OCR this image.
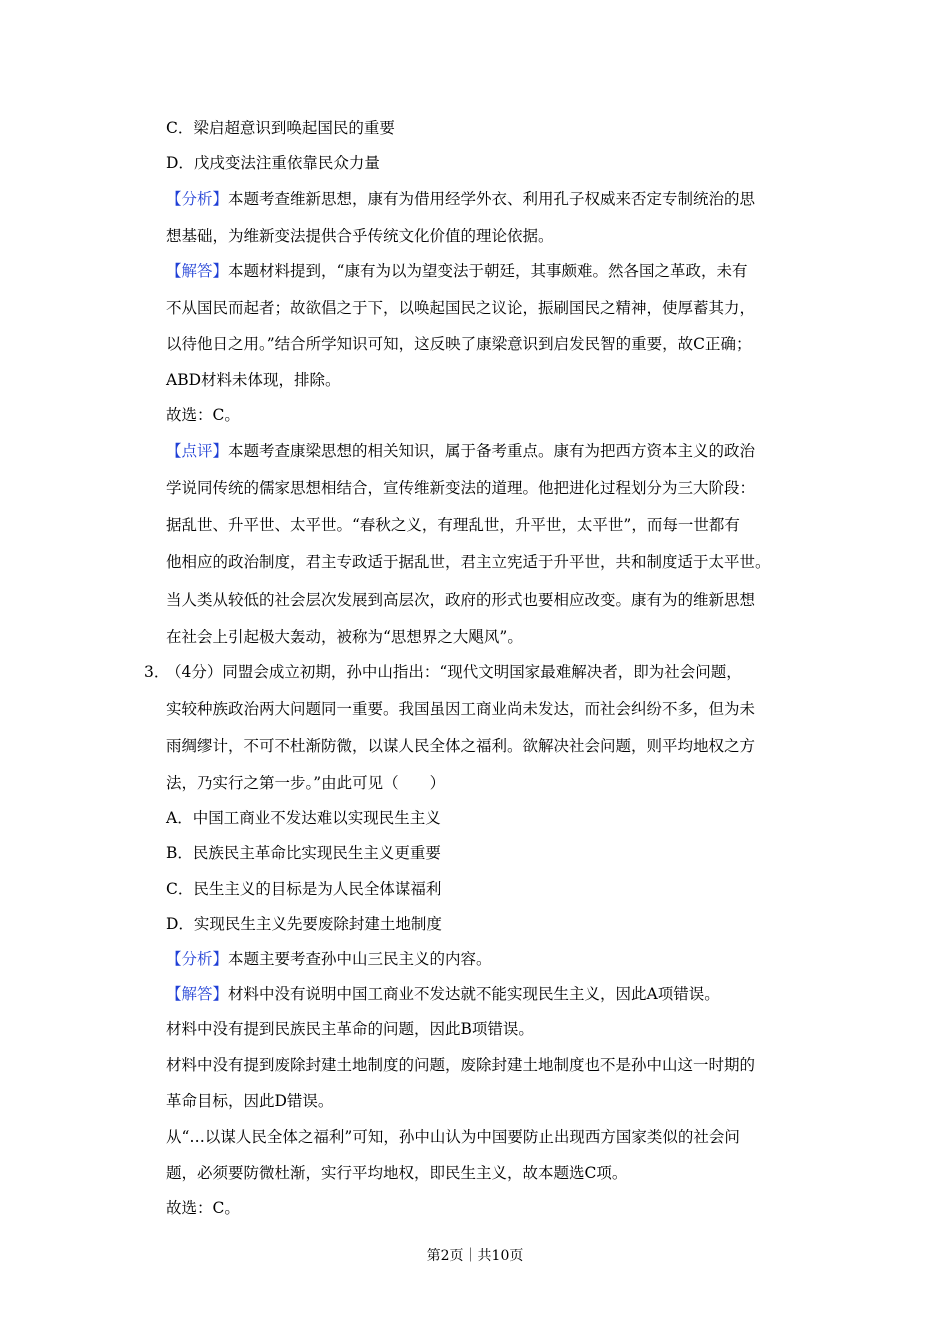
C．梁启超意识到唤起国民的重要
D．戊戌变法注重依靠民众力量
【分析】本题考查维新思想，康有为借用经学外衣、利用孔子权威来否定专制统治的思
想基础，为维新变法提供合乎传统文化价值的理论依据。
【解答】本题材料提到，“康有为以为望变法于朝廷，其事颇难。然各国之革政，未有
不从国民而起者；故欲倡之于下，以唤起国民之议论，振刷国民之精神，使厚蓄其力，
以待他日之用。”结合所学知识可知，这反映了康梁意识到启发民智的重要，故C正确；
ABD材料未体现，排除。
故选：C。
【点评】本题考查康梁思想的相关知识，属于备考重点。康有为把西方资本主义的政治
学说同传统的儒家思想相结合，宣传维新变法的道理。他把进化过程划分为三大阶段：
据乱世、升平世、太平世。“春秋之义，有理乱世，升平世，太平世”，而每一世都有
他相应的政治制度，君主专政适于据乱世，君主立宪适于升平世，共和制度适于太平世。
当人类从较低的社会层次发展到高层次，政府的形式也要相应改变。康有为的维新思想
在社会上引起极大轰动，被称为“思想界之大飓风”。
3．
（4分）同盟会成立初期，孙中山指出：“现代文明国家最难解决者，即为社会问题，
实较种族政治两大问题同一重要。我国虽因工商业尚未发达，而社会纠纷不多，但为未
雨绸缪计，不可不杜渐防微，以谋人民全体之福利。欲解决社会问题，则平均地权之方
法，乃实行之第一步。”由此可见（　　）
A．中国工商业不发达难以实现民生主义
B．民族民主革命比实现民生主义更重要
C．民生主义的目标是为人民全体谋福利
D．实现民生主义先要废除封建土地制度
【分析】本题主要考查孙中山三民主义的内容。
【解答】材料中没有说明中国工商业不发达就不能实现民生主义，因此A项错误。
材料中没有提到民族民主革命的问题，因此B项错误。
材料中没有提到废除封建土地制度的问题，废除封建土地制度也不是孙中山这一时期的
革命目标，因此D错误。
从“…以谋人民全体之福利”可知，孙中山认为中国要防止出现西方国家类似的社会问
题，必须要防微杜渐，实行平均地权，即民生主义，故本题选C项。
故选：C。
第2页｜共10页
